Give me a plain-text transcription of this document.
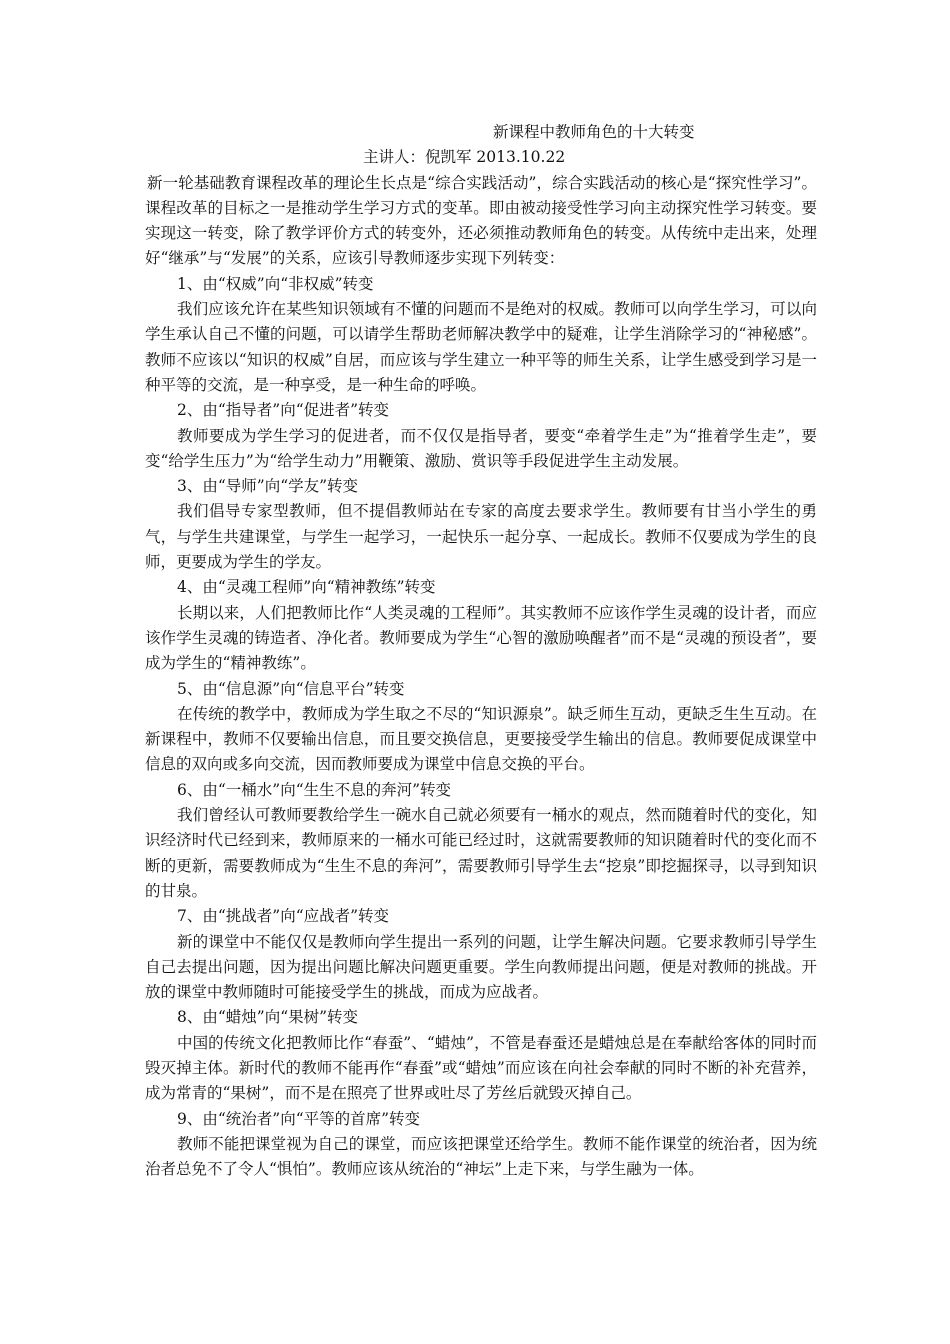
新课程中教师角色的十大转变
主讲人：倪凯军 2013.10.22

新一轮基础教育课程改革的理论生长点是“综合实践活动”，综合实践活动的核心是“探究性学习”。课程改革的目标之一是推动学生学习方式的变革。即由被动接受性学习向主动探究性学习转变。要实现这一转变，除了教学评价方式的转变外，还必须推动教师角色的转变。从传统中走出来，处理好“继承”与“发展”的关系，应该引导教师逐步实现下列转变：

1、由“权威”向“非权威”转变

我们应该允许在某些知识领域有不懂的问题而不是绝对的权威。教师可以向学生学习，可以向学生承认自己不懂的问题，可以请学生帮助老师解决教学中的疑难，让学生消除学习的“神秘感”。教师不应该以“知识的权威”自居，而应该与学生建立一种平等的师生关系，让学生感受到学习是一种平等的交流，是一种享受，是一种生命的呼唤。

2、由“指导者”向“促进者”转变

教师要成为学生学习的促进者，而不仅仅是指导者，要变“牵着学生走”为“推着学生走”，要变“给学生压力”为“给学生动力”用鞭策、激励、赏识等手段促进学生主动发展。

3、由“导师”向“学友”转变

我们倡导专家型教师，但不提倡教师站在专家的高度去要求学生。教师要有甘当小学生的勇气，与学生共建课堂，与学生一起学习，一起快乐一起分享、一起成长。教师不仅要成为学生的良师，更要成为学生的学友。

4、由“灵魂工程师”向“精神教练”转变

长期以来，人们把教师比作“人类灵魂的工程师”。其实教师不应该作学生灵魂的设计者，而应该作学生灵魂的铸造者、净化者。教师要成为学生“心智的激励唤醒者”而不是“灵魂的预设者”，要成为学生的“精神教练”。

5、由“信息源”向“信息平台”转变

在传统的教学中，教师成为学生取之不尽的“知识源泉”。缺乏师生互动，更缺乏生生互动。在新课程中，教师不仅要输出信息，而且要交换信息，更要接受学生输出的信息。教师要促成课堂中信息的双向或多向交流，因而教师要成为课堂中信息交换的平台。

6、由“一桶水”向“生生不息的奔河”转变

我们曾经认可教师要教给学生一碗水自己就必须要有一桶水的观点，然而随着时代的变化，知识经济时代已经到来，教师原来的一桶水可能已经过时，这就需要教师的知识随着时代的变化而不断的更新，需要教师成为“生生不息的奔河”，需要教师引导学生去“挖泉”即挖掘探寻，以寻到知识的甘泉。

7、由“挑战者”向“应战者”转变

新的课堂中不能仅仅是教师向学生提出一系列的问题，让学生解决问题。它要求教师引导学生自己去提出问题，因为提出问题比解决问题更重要。学生向教师提出问题，便是对教师的挑战。开放的课堂中教师随时可能接受学生的挑战，而成为应战者。

8、由“蜡烛”向“果树”转变

中国的传统文化把教师比作“春蚕”、“蜡烛”，不管是春蚕还是蜡烛总是在奉献给客体的同时而毁灭掉主体。新时代的教师不能再作“春蚕”或“蜡烛”而应该在向社会奉献的同时不断的补充营养，成为常青的“果树”，而不是在照亮了世界或吐尽了芳丝后就毁灭掉自己。

9、由“统治者”向“平等的首席”转变

教师不能把课堂视为自己的课堂，而应该把课堂还给学生。教师不能作课堂的统治者，因为统治者总免不了令人“惧怕”。教师应该从统治的“神坛”上走下来，与学生融为一体。
